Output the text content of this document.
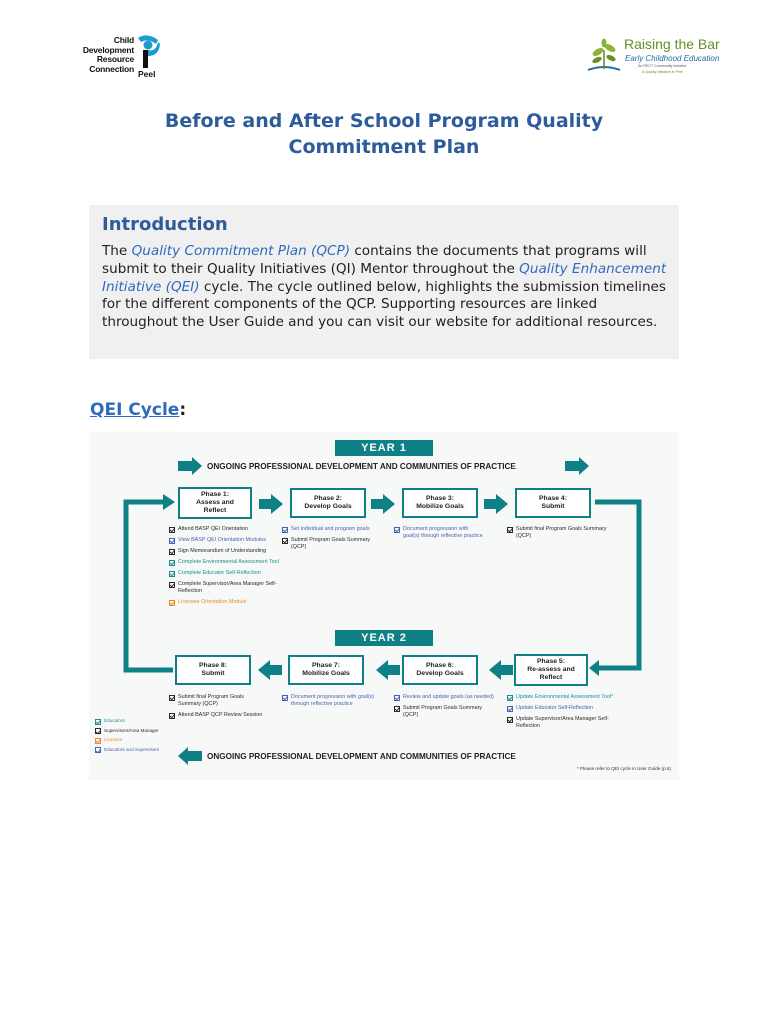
Child
Development
Resource
Connection
Peel
Raising the Bar
Early Childhood Education
An RECT Community Initiative
A Quality Initiative in Peel
Before and After School Program Quality
Commitment Plan
Introduction
The Quality Commitment Plan (QCP) contains the documents that programs will submit to their Quality Initiatives (QI) Mentor throughout the Quality Enhancement Initiative (QEI) cycle. The cycle outlined below, highlights the submission timelines for the different components of the QCP. Supporting resources are linked throughout the User Guide and you can visit our website for additional resources.
QEI Cycle:
YEAR 1
ONGOING PROFESSIONAL DEVELOPMENT AND COMMUNITIES OF PRACTICE
Phase 1:
Assess and
Reflect
Phase 2:
Develop Goals
Phase 3:
Mobilize Goals
Phase 4:
Submit
Attend BASP QEI Orientation
View BASP QEI Orientation Modules
Sign Memorandum of Understanding
Complete Environmental Assessment Tool
Complete Educator Self-Reflection
Complete Supervisor/Area Manager Self-Reflection
Licensee Orientation Module
Set individual and program goals
Submit Program Goals Summary (QCP)
Document progression with goal(s) through reflective practice
Submit final Program Goals Summary (QCP)
YEAR 2
Phase 5:
Re-assess and
Reflect
Phase 6:
Develop Goals
Phase 7:
Mobilize Goals
Phase 8:
Submit
Submit final Program Goals Summary (QCP)
Attend BASP QCP Review Session
Document progression with goal(s) through reflective practice
Review and update goals (as needed)
Submit Program Goals Summary (QCP)
Update Environmental Assessment Tool*
Update Educator Self-Reflection
Update Supervisor/Area Manager Self-Reflection
Educators
Supervisors/Area Manager
Licensee
Educators and Supervisors
ONGOING PROFESSIONAL DEVELOPMENT AND COMMUNITIES OF PRACTICE
* Please refer to QEI cycle in User Guide (p.5)
